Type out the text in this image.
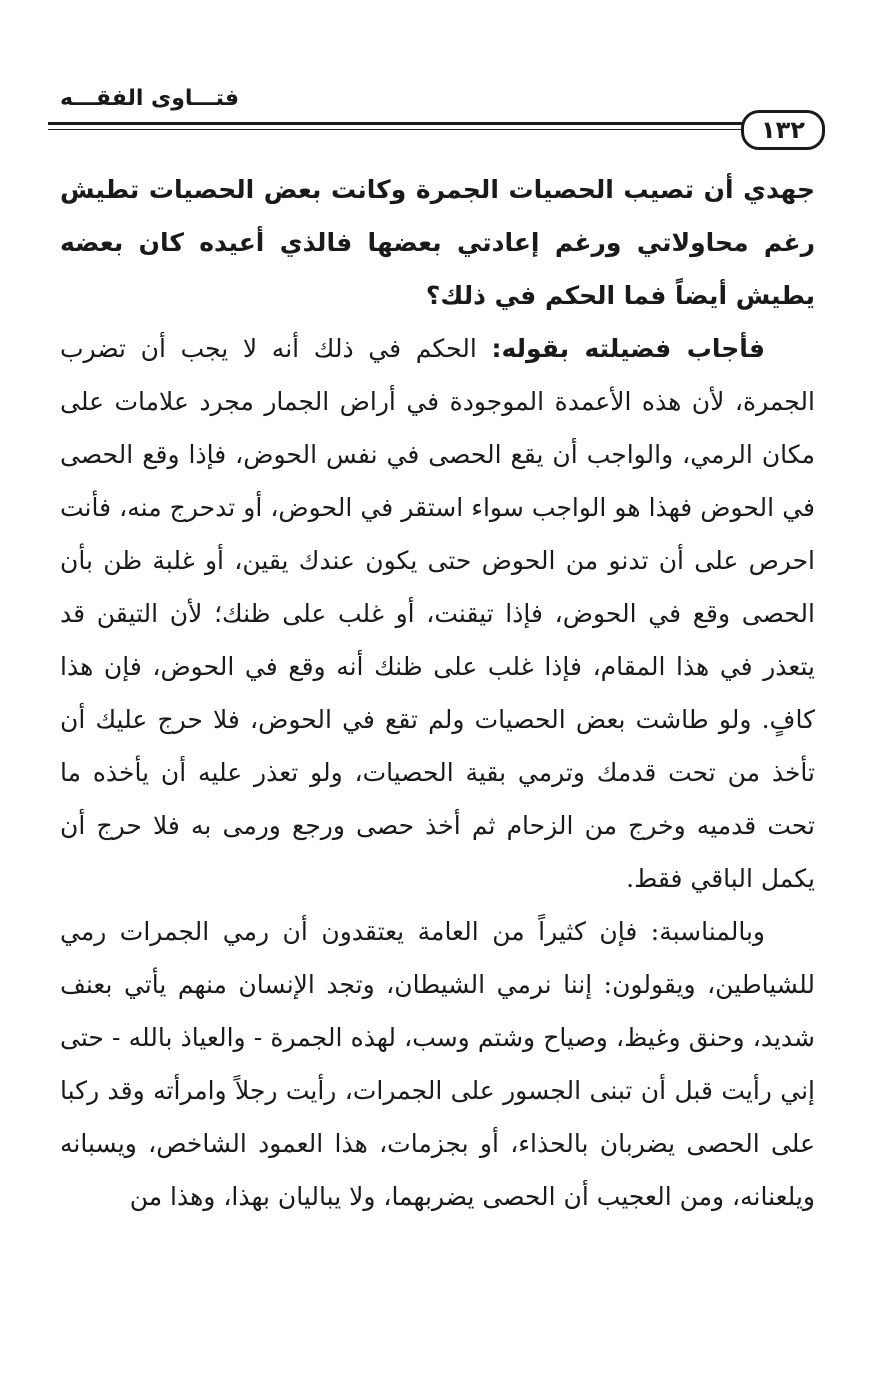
فتـــاوى الفقـــه
١٣٢

جهدي أن تصيب الحصيات الجمرة وكانت بعض الحصيات تطيش رغم محاولاتي ورغم إعادتي بعضها فالذي أعيده كان بعضه يطيش أيضاً فما الحكم في ذلك؟

فأجاب فضيلته بقوله: الحكم في ذلك أنه لا يجب أن تضرب الجمرة، لأن هذه الأعمدة الموجودة في أراض الجمار مجرد علامات على مكان الرمي، والواجب أن يقع الحصى في نفس الحوض، فإذا وقع الحصى في الحوض فهذا هو الواجب سواء استقر في الحوض، أو تدحرج منه، فأنت احرص على أن تدنو من الحوض حتى يكون عندك يقين، أو غلبة ظن بأن الحصى وقع في الحوض، فإذا تيقنت، أو غلب على ظنك؛ لأن التيقن قد يتعذر في هذا المقام، فإذا غلب على ظنك أنه وقع في الحوض، فإن هذا كافٍ. ولو طاشت بعض الحصيات ولم تقع في الحوض، فلا حرج عليك أن تأخذ من تحت قدمك وترمي بقية الحصيات، ولو تعذر عليه أن يأخذه ما تحت قدميه وخرج من الزحام ثم أخذ حصى ورجع ورمى به فلا حرج أن يكمل الباقي فقط.

وبالمناسبة: فإن كثيراً من العامة يعتقدون أن رمي الجمرات رمي للشياطين، ويقولون: إننا نرمي الشيطان، وتجد الإنسان منهم يأتي بعنف شديد، وحنق وغيظ، وصياح وشتم وسب، لهذه الجمرة - والعياذ بالله - حتى إني رأيت قبل أن تبنى الجسور على الجمرات، رأيت رجلاً وامرأته وقد ركبا على الحصى يضربان بالحذاء، أو بجزمات، هذا العمود الشاخص، ويسبانه ويلعنانه، ومن العجيب أن الحصى يضربهما، ولا يباليان بهذا، وهذا من
